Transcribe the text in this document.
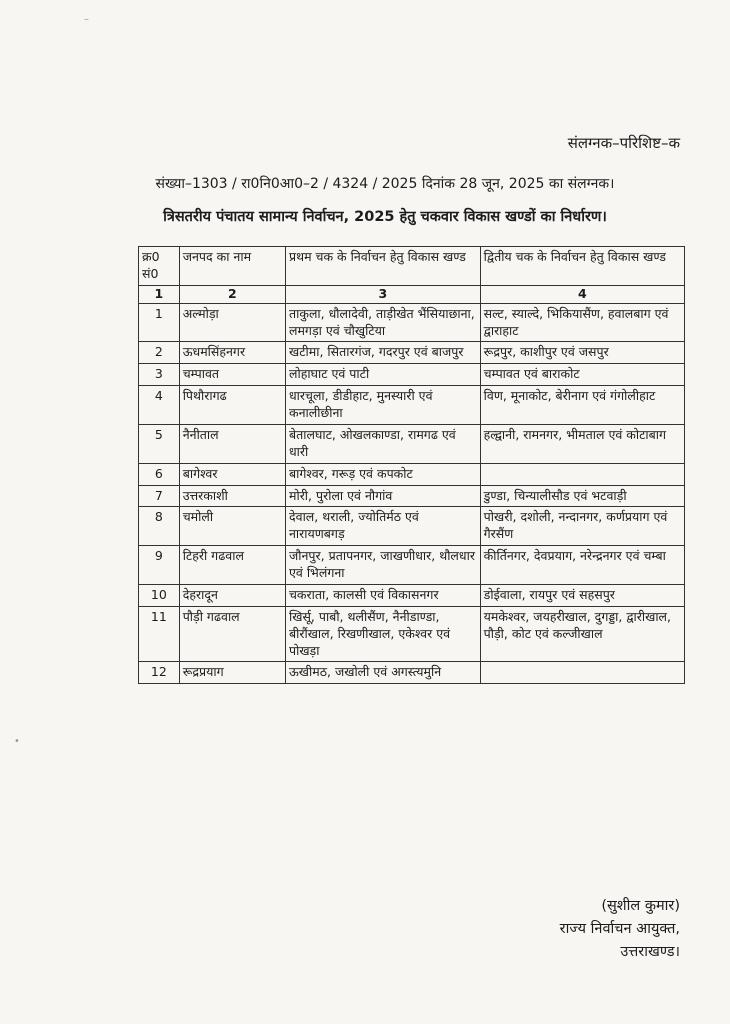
–
•
संलग्नक–परिशिष्ट–क
संख्या–1303 / रा0नि0आ0–2 / 4324 / 2025 दिनांक 28 जून, 2025 का संलग्नक।
त्रिसतरीय पंचातय सामान्य निर्वाचन, 2025 हेतु चकवार विकास खण्डों का निर्धारण।
क्र0 सं0	जनपद का नाम	प्रथम चक के निर्वाचन हेतु विकास खण्ड	द्वितीय चक के निर्वाचन हेतु विकास खण्ड
1	2	3	4
1	अल्मोड़ा	ताकुला, धौलादेवी, ताड़ीखेत भैंसियाछाना, लमगड़ा एवं चौखुटिया	सल्ट, स्याल्दे, भिकियासैंण, हवालबाग एवं द्वाराहाट
2	ऊधमसिंहनगर	खटीमा, सितारगंज, गदरपुर एवं बाजपुर	रूद्रपुर, काशीपुर एवं जसपुर
3	चम्पावत	लोहाघाट एवं पाटी	चम्पावत एवं बाराकोट
4	पिथौरागढ	धारचूला, डीडीहाट, मुनस्यारी एवं कनालीछीना	विण, मूनाकोट, बेरीनाग एवं गंगोलीहाट
5	नैनीताल	बेतालघाट, ओखलकाण्डा, रामगढ एवं धारी	हल्द्वानी, रामनगर, भीमताल एवं कोटाबाग
6	बागेश्वर	बागेश्वर, गरूड़ एवं कपकोट	
7	उत्तरकाशी	मोरी, पुरोला एवं नौगांव	डुण्डा, चिन्यालीसौड एवं भटवाड़ी
8	चमोली	देवाल, थराली, ज्योतिर्मठ एवं नारायणबगड़	पोखरी, दशोली, नन्दानगर, कर्णप्रयाग एवं गैरसैंण
9	टिहरी गढवाल	जौनपुर, प्रतापनगर, जाखणीधार, थौलधार एवं भिलंगना	कीर्तिनगर, देवप्रयाग, नरेन्द्रनगर एवं चम्बा
10	देहरादून	चकराता, कालसी एवं विकासनगर	डोईवाला, रायपुर एवं सहसपुर
11	पौड़ी गढवाल	खिर्सू, पाबौ, थलीसैंण, नैनीडाण्डा, बीरौंखाल, रिखणीखाल, एकेश्वर एवं पोखड़ा	यमकेश्वर, जयहरीखाल, दुगड्डा, द्वारीखाल, पौड़ी, कोट एवं कल्जीखाल
12	रूद्रप्रयाग	ऊखीमठ, जखोली एवं अगस्त्यमुनि	
(सुशील कुमार)
राज्य निर्वाचन आयुक्त,
उत्तराखण्ड।
